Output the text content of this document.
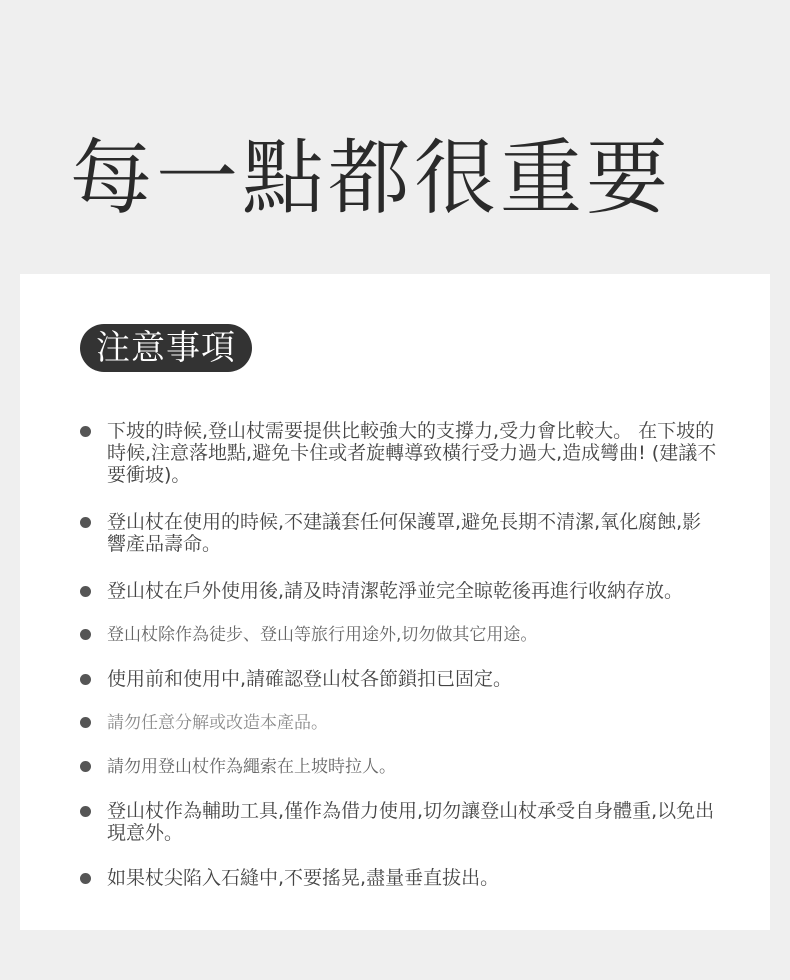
每一點都很重要
注意事項
下坡的時候,登山杖需要提供比較強大的支撐力,受力會比較大。 在下坡的時候,注意落地點,避免卡住或者旋轉導致橫行受力過大,造成彎曲! (建議不要衝坡)。
登山杖在使用的時候,不建議套任何保護罩,避免長期不清潔,氧化腐蝕,影響產品壽命。
登山杖在戶外使用後,請及時清潔乾淨並完全晾乾後再進行收納存放。
登山杖除作為徒步、登山等旅行用途外,切勿做其它用途。
使用前和使用中,請確認登山杖各節鎖扣已固定。
請勿任意分解或改造本產品。
請勿用登山杖作為繩索在上坡時拉人。
登山杖作為輔助工具,僅作為借力使用,切勿讓登山杖承受自身體重,以免出現意外。
如果杖尖陷入石縫中,不要搖晃,盡量垂直拔出。
